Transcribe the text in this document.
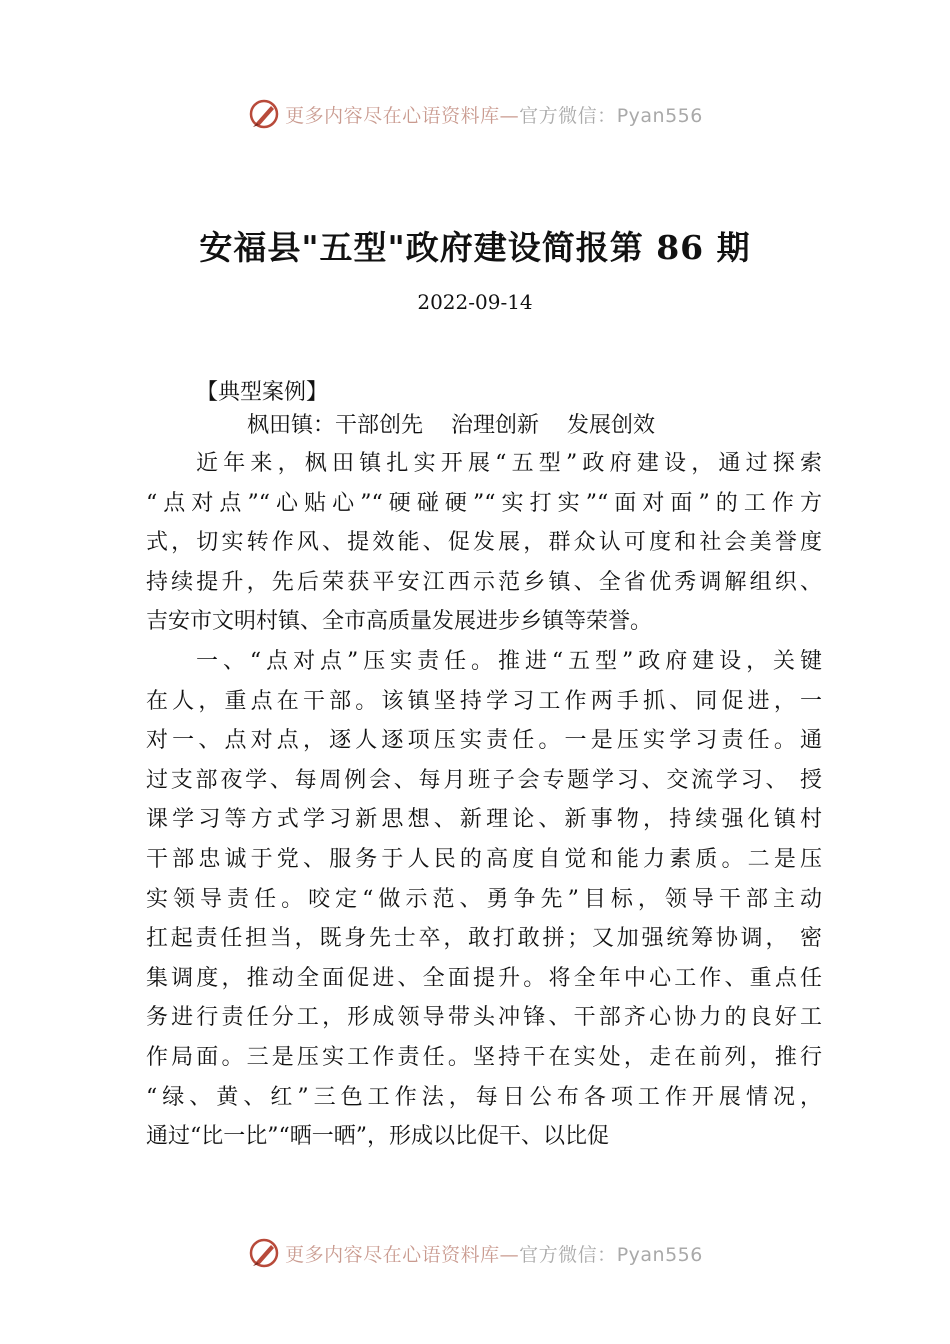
更多内容尽在心语资料库—官方微信：Pyan556
安福县"五型"政府建设简报第 86 期
2022-09-14
【典型案例】
枫田镇：干部创先    治理创新    发展创效
近年来，枫田镇扎实开展“五型”政府建设，通过探索
“点对点”“心贴心”“硬碰硬”“实打实”“面对面”的工作方
式，切实转作风、提效能、促发展，群众认可度和社会美誉度
持续提升，先后荣获平安江西示范乡镇、全省优秀调解组织、
吉安市文明村镇、全市高质量发展进步乡镇等荣誉。
一、“点对点”压实责任。推进“五型”政府建设，关键
在人，重点在干部。该镇坚持学习工作两手抓、同促进，一
对一、点对点，逐人逐项压实责任。一是压实学习责任。通
过支部夜学、每周例会、每月班子会专题学习、交流学习、 授
课学习等方式学习新思想、新理论、新事物，持续强化镇村
干部忠诚于党、服务于人民的高度自觉和能力素质。二是压
实领导责任。咬定“做示范、勇争先”目标，领导干部主动
扛起责任担当，既身先士卒，敢打敢拼；又加强统筹协调， 密
集调度，推动全面促进、全面提升。将全年中心工作、重点任
务进行责任分工，形成领导带头冲锋、干部齐心协力的良好工
作局面。三是压实工作责任。坚持干在实处，走在前列，推行
“绿、黄、红”三色工作法，每日公布各项工作开展情况，
通过“比一比”“晒一晒”，形成以比促干、以比促
更多内容尽在心语资料库—官方微信：Pyan556
